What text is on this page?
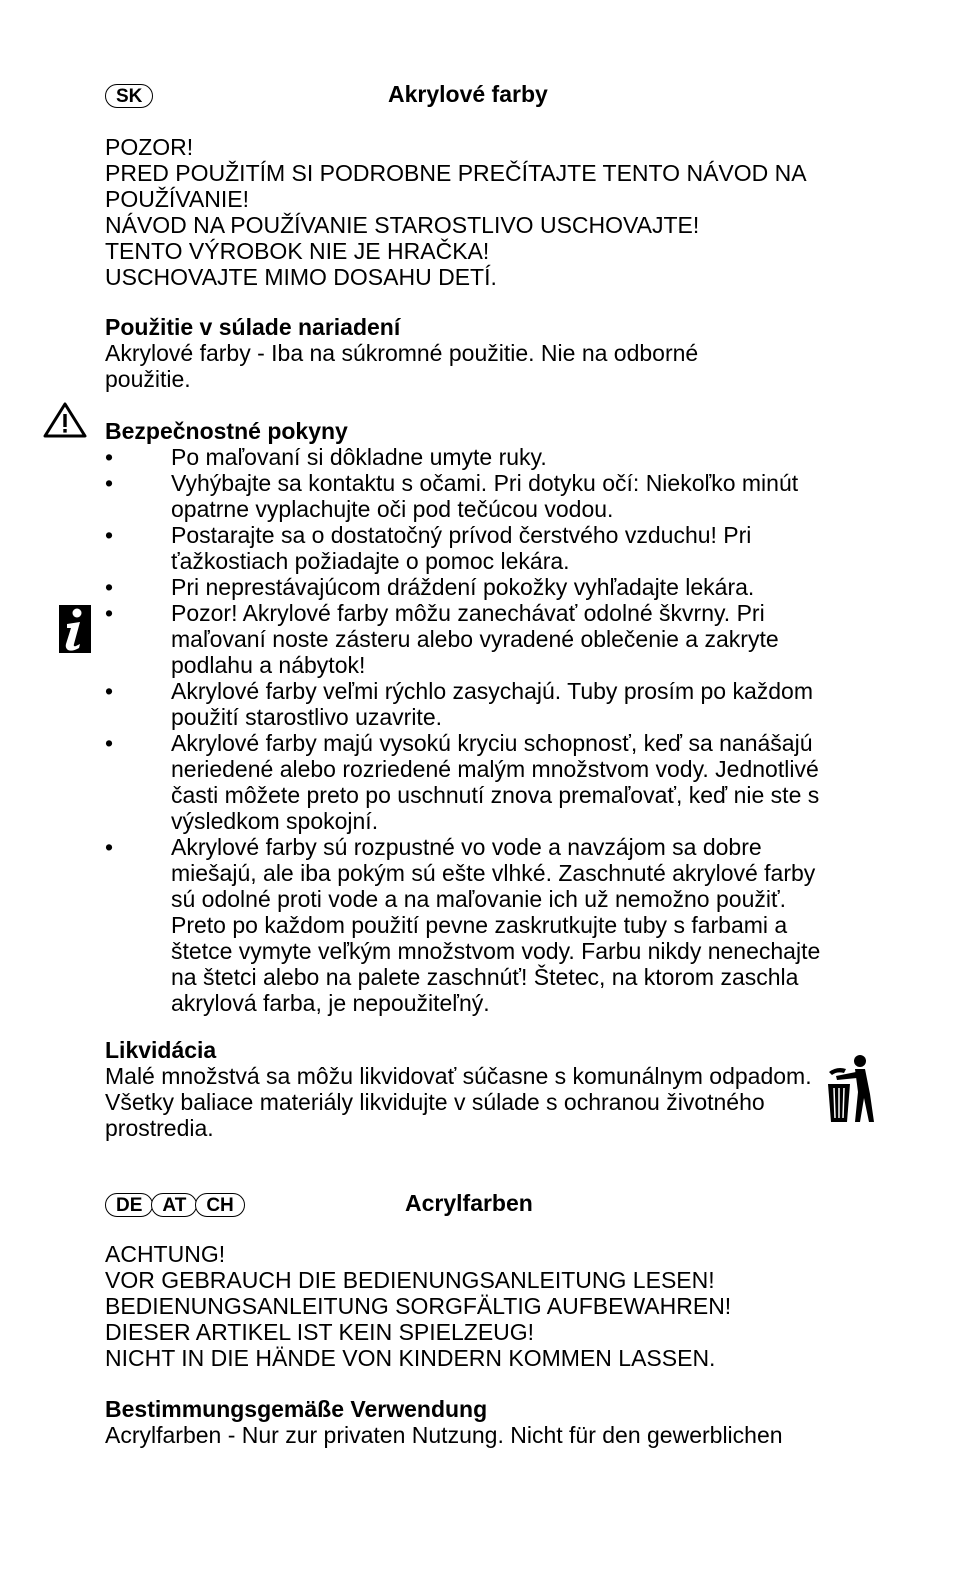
SK	Akrylové farby
POZOR!
PRED POUŽITÍM SI PODROBNE PREČÍTAJTE TENTO NÁVOD NA
POUŽÍVANIE!
NÁVOD NA POUŽÍVANIE STAROSTLIVO USCHOVAJTE!
TENTO VÝROBOK NIE JE HRAČKA!
USCHOVAJTE MIMO DOSAHU DETÍ.
Použitie v súlade nariadení
Akrylové farby - Iba na súkromné použitie. Nie na odborné
použitie.
Bezpečnostné pokyny
•	Po maľovaní si dôkladne umyte ruky.
•	Vyhýbajte sa kontaktu s očami. Pri dotyku očí: Niekoľko minút
opatrne vyplachujte oči pod tečúcou vodou.
•	Postarajte sa o dostatočný prívod čerstvého vzduchu! Pri
ťažkostiach požiadajte o pomoc lekára.
•	Pri neprestávajúcom dráždení pokožky vyhľadajte lekára.
•	Pozor! Akrylové farby môžu zanechávať odolné škvrny. Pri
maľovaní noste zásteru alebo vyradené oblečenie a zakryte
podlahu a nábytok!
•	Akrylové farby veľmi rýchlo zasychajú. Tuby prosím po každom
použití starostlivo uzavrite.
•	Akrylové farby majú vysokú kryciu schopnosť, keď sa nanášajú
neriedené alebo rozriedené malým množstvom vody. Jednotlivé
časti môžete preto po uschnutí znova premaľovať, keď nie ste s
výsledkom spokojní.
•	Akrylové farby sú rozpustné vo vode a navzájom sa dobre
miešajú, ale iba pokým sú ešte vlhké. Zaschnuté akrylové farby
sú odolné proti vode a na maľovanie ich už nemožno použiť.
Preto po každom použití pevne zaskrutkujte tuby s farbami a
štetce vymyte veľkým množstvom vody. Farbu nikdy nenechajte
na štetci alebo na palete zaschnúť! Štetec, na ktorom zaschla
akrylová farba, je nepoužiteľný.
Likvidácia
Malé množstvá sa môžu likvidovať súčasne s komunálnym odpadom.
Všetky baliace materiály likvidujte v súlade s ochranou životného
prostredia.
DE	AT	CH	Acrylfarben
ACHTUNG!
VOR GEBRAUCH DIE BEDIENUNGSANLEITUNG LESEN!
BEDIENUNGSANLEITUNG SORGFÄLTIG AUFBEWAHREN!
DIESER ARTIKEL IST KEIN SPIELZEUG!
NICHT IN DIE HÄNDE VON KINDERN KOMMEN LASSEN.
Bestimmungsgemäße Verwendung
Acrylfarben - Nur zur privaten Nutzung. Nicht für den gewerblichen
